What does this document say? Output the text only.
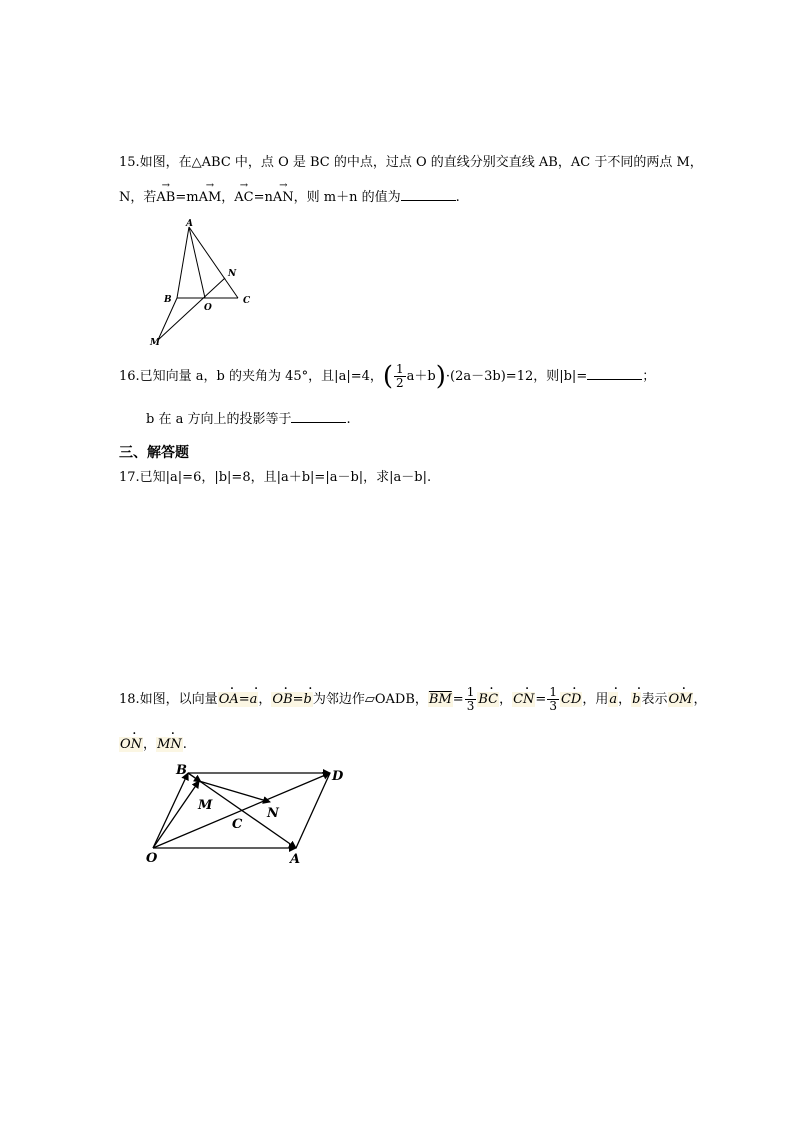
15.如图，在△ABC 中，点 O 是 BC 的中点，过点 O 的直线分别交直线 AB，AC 于不同的两点 M，
N，若→ AB=m→ AM，→ AC=n→ AN，则 m＋n 的值为	.
A
B	C
O
N
M
16.已知向量 a，b 的夹角为 45°，且|a|=4，( $\frac{1}{2} a+b)\cdot(2a-3b)=12$，则|b|=	；
b 在 a 方向上的投影等于	.
三、解答题
17.已知|a|=6，|b|=8，且|a＋b|=|a－b|，求|a－b|.
18.如图，以向量· OA=· a，· OB=· b为邻边作▱OADB，$\overline{BM}= \frac{1}{3}$ · BC，· $CN= \frac{1}{3}$ · CD，用· a，· b表示· OM，
· ON，· MN.
B	D
M
N
C
O	A
